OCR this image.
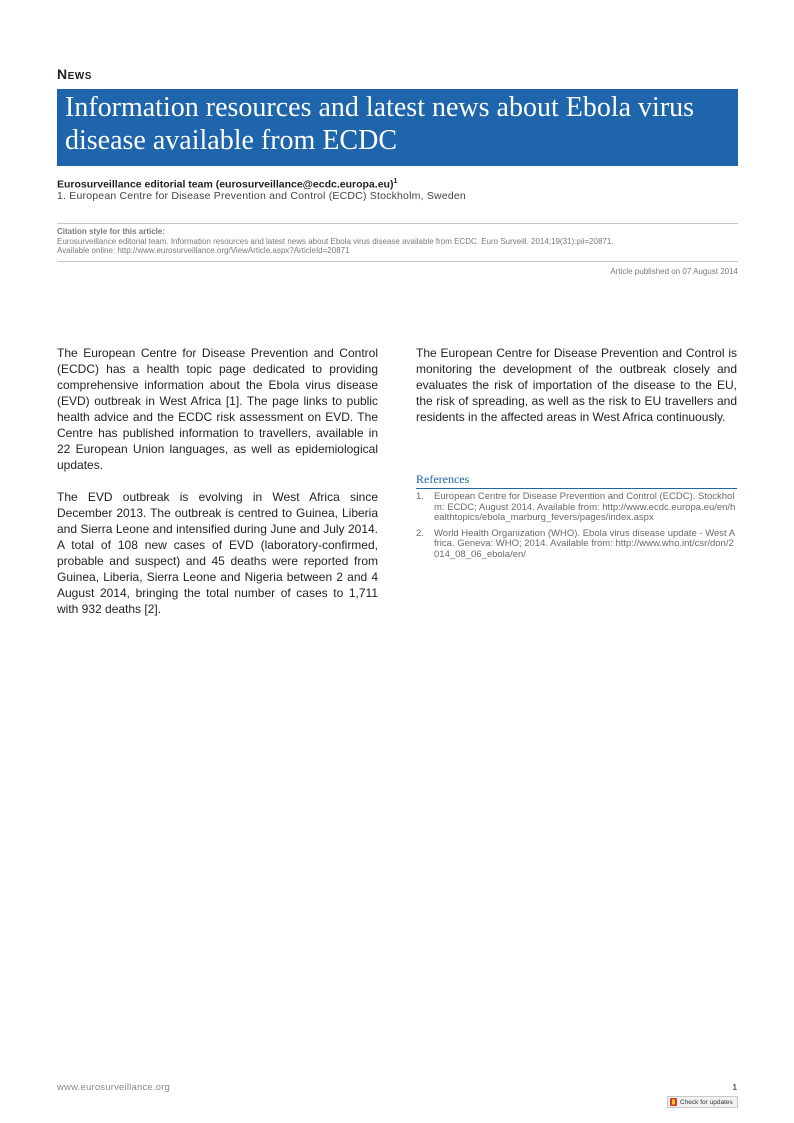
News
Information resources and latest news about Ebola virus disease available from ECDC
Eurosurveillance editorial team (eurosurveillance@ecdc.europa.eu)$^1$
1. European Centre for Disease Prevention and Control (ECDC) Stockholm, Sweden
Citation style for this article:
Eurosurveillance editorial team. Information resources and latest news about Ebola virus disease available from ECDC. Euro Surveill. 2014;19(31):pii=20871.
Available online: http://www.eurosurveillance.org/ViewArticle.aspx?ArticleId=20871
Article published on 07 August 2014

The European Centre for Disease Prevention and Control (ECDC) has a health topic page dedicated to providing comprehensive information about the Ebola virus disease (EVD) outbreak in West Africa [1]. The page links to public health advice and the ECDC risk assessment on EVD. The Centre has published information to travellers, available in 22 European Union languages, as well as epidemiological updates.

The EVD outbreak is evolving in West Africa since December 2013. The outbreak is centred to Guinea, Liberia and Sierra Leone and intensified during June and July 2014. A total of 108 new cases of EVD (laboratory-confirmed, probable and suspect) and 45 deaths were reported from Guinea, Liberia, Sierra Leone and Nigeria between 2 and 4 August 2014, bringing the total number of cases to 1,711 with 932 deaths [2].

The European Centre for Disease Prevention and Control is monitoring the development of the outbreak closely and evaluates the risk of importation of the disease to the EU, the risk of spreading, as well as the risk to EU travellers and residents in the affected areas in West Africa continuously.

References
1.	European Centre for Disease Prevention and Control (ECDC). Stockholm: ECDC; August 2014. Available from: http://www.ecdc.europa.eu/en/healthtopics/ebola_marburg_fevers/pages/index.aspx
2.	World Health Organization (WHO). Ebola virus disease update - West Africa. Geneva: WHO; 2014. Available from: http://www.who.int/csr/don/2014_08_06_ebola/en/
www.eurosurveillance.org	1
Check for updates
